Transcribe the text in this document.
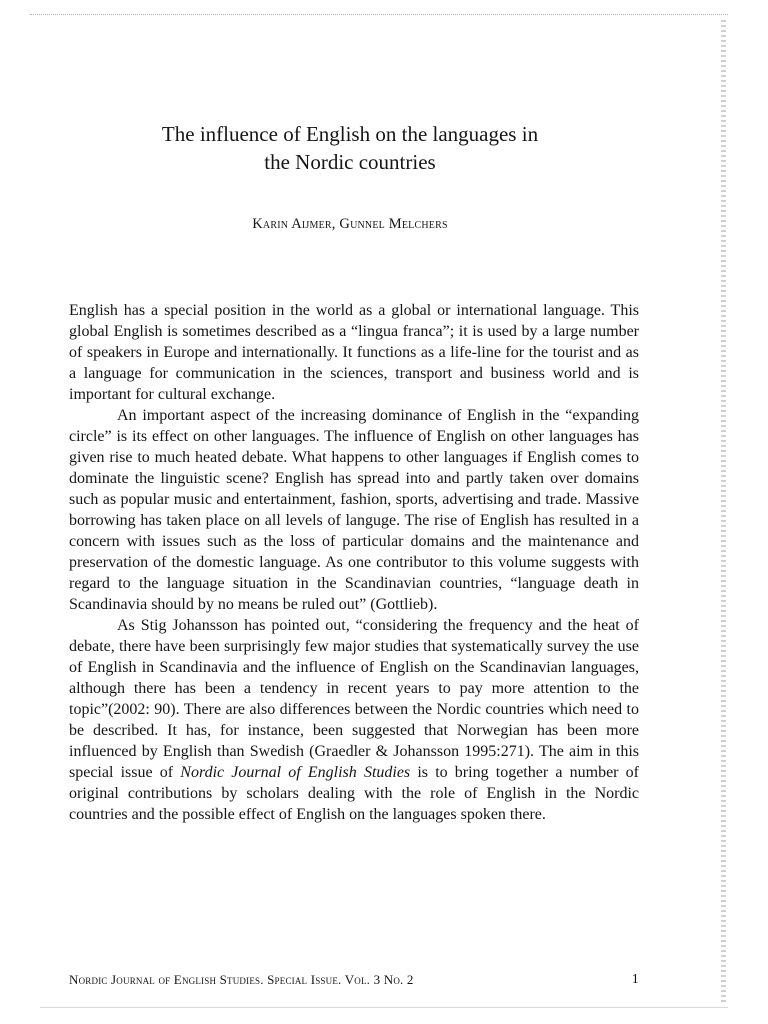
The influence of English on the languages in
the Nordic countries
Karin Aijmer, Gunnel Melchers

English has a special position in the world as a global or international language. This global English is sometimes described as a “lingua franca”; it is used by a large number of speakers in Europe and internationally. It functions as a life-line for the tourist and as a language for communication in the sciences, transport and business world and is important for cultural exchange.

An important aspect of the increasing dominance of English in the “expanding circle” is its effect on other languages. The influence of English on other languages has given rise to much heated debate. What happens to other languages if English comes to dominate the linguistic scene? English has spread into and partly taken over domains such as popular music and entertainment, fashion, sports, advertising and trade. Massive borrowing has taken place on all levels of languge. The rise of English has resulted in a concern with issues such as the loss of particular domains and the maintenance and preservation of the domestic language. As one contributor to this volume suggests with regard to the language situation in the Scandinavian countries, “language death in Scandinavia should by no means be ruled out” (Gottlieb).

As Stig Johansson has pointed out, “considering the frequency and the heat of debate, there have been surprisingly few major studies that systematically survey the use of English in Scandinavia and the influence of English on the Scandinavian languages, although there has been a tendency in recent years to pay more attention to the topic”(2002: 90). There are also differences between the Nordic countries which need to be described. It has, for instance, been suggested that Norwegian has been more influenced by English than Swedish (Graedler & Johansson 1995:271). The aim in this special issue of Nordic Journal of English Studies is to bring together a number of original contributions by scholars dealing with the role of English in the Nordic countries and the possible effect of English on the languages spoken there.

Nordic Journal of English Studies. Special Issue. Vol. 3 No. 2	1
